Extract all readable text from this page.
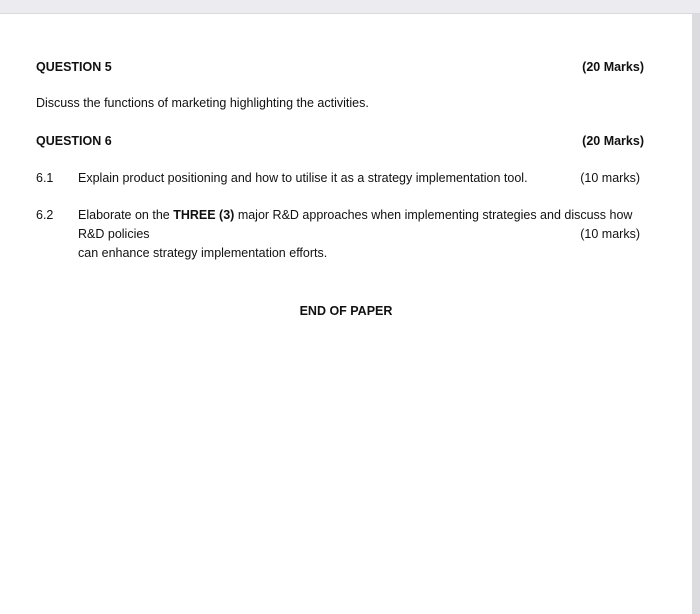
QUESTION 5	(20 Marks)
Discuss the functions of marketing highlighting the activities.
QUESTION 6	(20 Marks)
6.1	Explain product positioning and how to utilise it as a strategy implementation tool.	(10 marks)
6.2	Elaborate on the THREE (3) major R&D approaches when implementing strategies and discuss how R&D policies
can enhance strategy implementation efforts.
(10 marks)
END OF PAPER
